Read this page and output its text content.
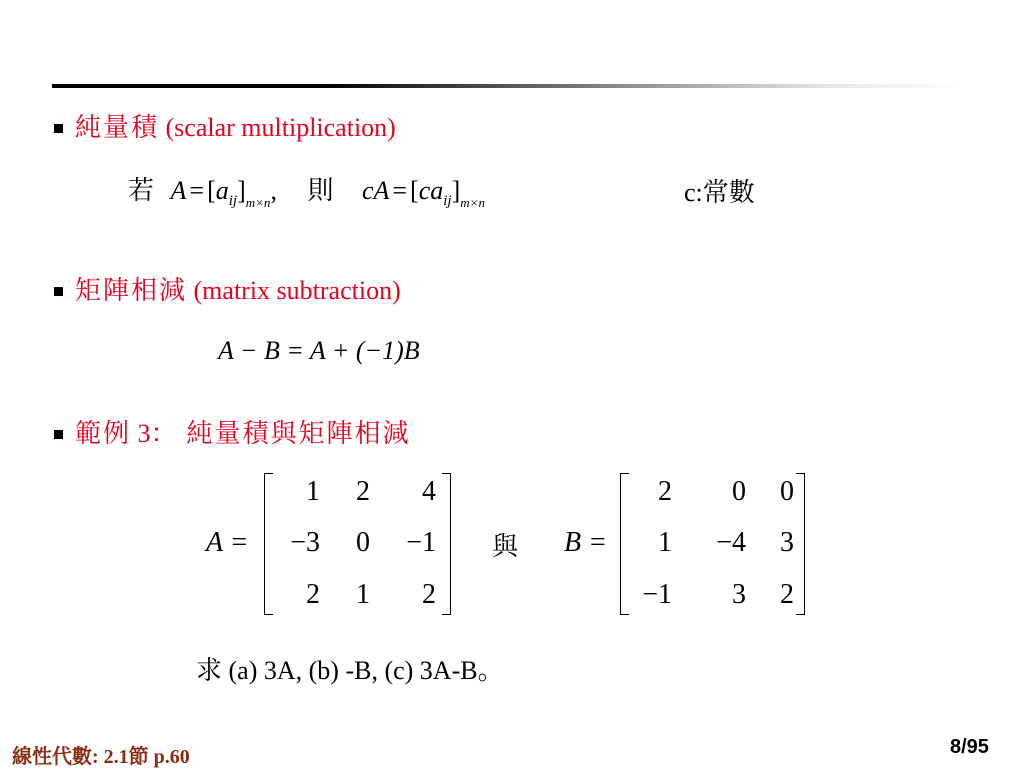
純量積 (scalar multiplication)
若 $A = [a_{ij}]_{m\times n}$, 則 cA = $[ca_{ij}]_{m\times n}$	c:常數
矩陣相減 (matrix subtraction)
A − B = A + (−1)B
範例 3： 純量積與矩陣相減
A =
1	2	4
−3	0	−1
2	1	2
與 B =
2	0	0
1	−4	3
−1	3	2
求 (a) 3A, (b) -B, (c) 3A-B。
線性代數: 2.1節 p.60	8/95
